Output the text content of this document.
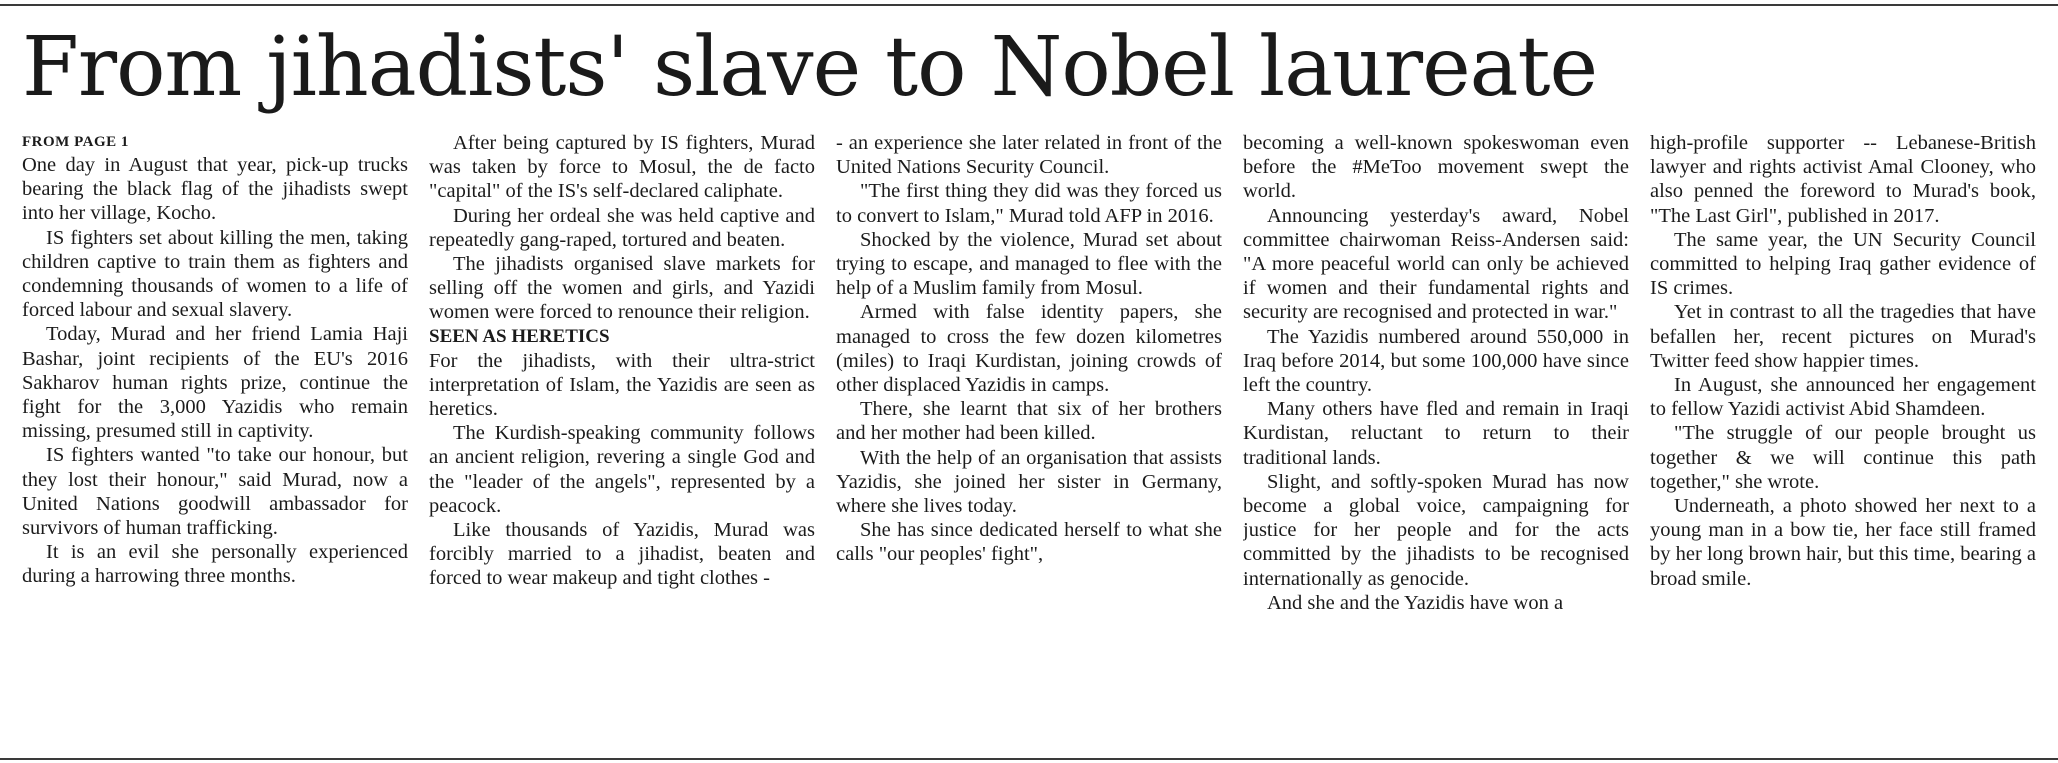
From jihadists' slave to Nobel laureate

FROM PAGE 1

One day in August that year, pick-up trucks bearing the black flag of the jihadists swept into her village, Kocho.

IS fighters set about killing the men, taking children captive to train them as fighters and condemning thousands of women to a life of forced labour and sexual slavery.

Today, Murad and her friend Lamia Haji Bashar, joint recipients of the EU's 2016 Sakharov human rights prize, continue the fight for the 3,000 Yazidis who remain missing, presumed still in captivity.

IS fighters wanted "to take our honour, but they lost their honour," said Murad, now a United Nations goodwill ambassador for survivors of human trafficking.

It is an evil she personally experienced during a harrowing three months.

After being captured by IS fighters, Murad was taken by force to Mosul, the de facto "capital" of the IS's self-declared caliphate.

During her ordeal she was held captive and repeatedly gang-raped, tortured and beaten.

The jihadists organised slave markets for selling off the women and girls, and Yazidi women were forced to renounce their religion.

SEEN AS HERETICS

For the jihadists, with their ultra-strict interpretation of Islam, the Yazidis are seen as heretics.

The Kurdish-speaking community follows an ancient religion, revering a single God and the "leader of the angels", represented by a peacock.

Like thousands of Yazidis, Murad was forcibly married to a jihadist, beaten and forced to wear makeup and tight clothes -

- an experience she later related in front of the United Nations Security Council.

"The first thing they did was they forced us to convert to Islam," Murad told AFP in 2016.

Shocked by the violence, Murad set about trying to escape, and managed to flee with the help of a Muslim family from Mosul.

Armed with false identity papers, she managed to cross the few dozen kilometres (miles) to Iraqi Kurdistan, joining crowds of other displaced Yazidis in camps.

There, she learnt that six of her brothers and her mother had been killed.

With the help of an organisation that assists Yazidis, she joined her sister in Germany, where she lives today.

She has since dedicated herself to what she calls "our peoples' fight",

becoming a well-known spokeswoman even before the #MeToo movement swept the world.

Announcing yesterday's award, Nobel committee chairwoman Reiss-Andersen said: "A more peaceful world can only be achieved if women and their fundamental rights and security are recognised and protected in war."

The Yazidis numbered around 550,000 in Iraq before 2014, but some 100,000 have since left the country.

Many others have fled and remain in Iraqi Kurdistan, reluctant to return to their traditional lands.

Slight, and softly-spoken Murad has now become a global voice, campaigning for justice for her people and for the acts committed by the jihadists to be recognised internationally as genocide.

And she and the Yazidis have won a

high-profile supporter -- Lebanese-British lawyer and rights activist Amal Clooney, who also penned the foreword to Murad's book, "The Last Girl", published in 2017.

The same year, the UN Security Council committed to helping Iraq gather evidence of IS crimes.

Yet in contrast to all the tragedies that have befallen her, recent pictures on Murad's Twitter feed show happier times.

In August, she announced her engagement to fellow Yazidi activist Abid Shamdeen.

"The struggle of our people brought us together & we will continue this path together," she wrote.

Underneath, a photo showed her next to a young man in a bow tie, her face still framed by her long brown hair, but this time, bearing a broad smile.
